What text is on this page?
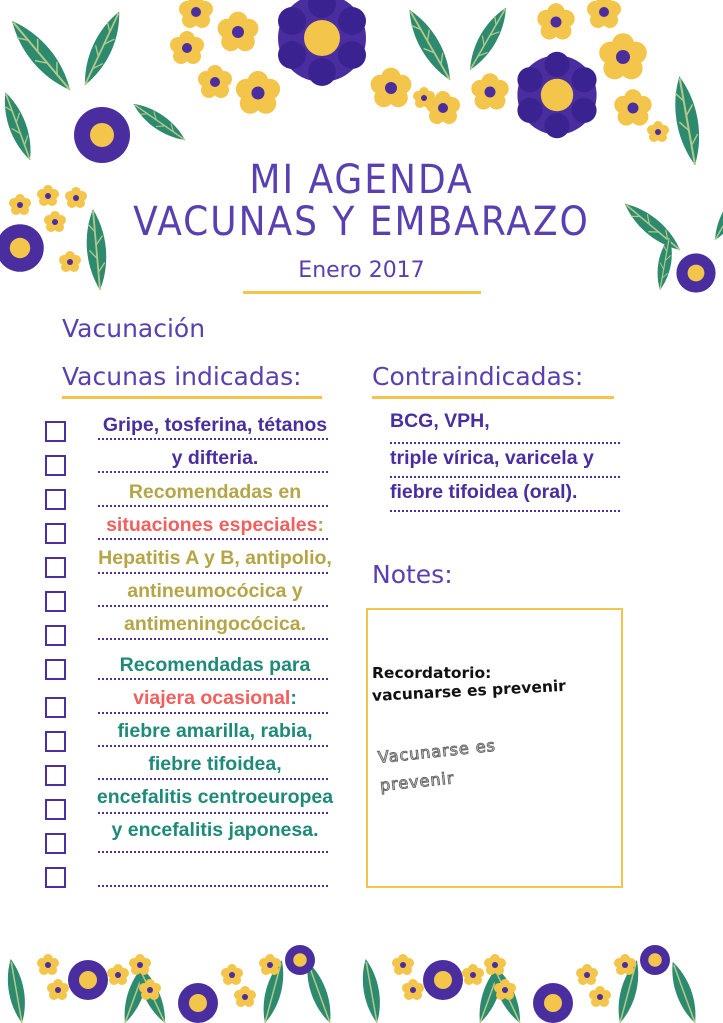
MI AGENDA
VACUNAS Y EMBARAZO
Enero 2017
Vacunación
Vacunas indicadas:	Contraindicadas:
Gripe, tosferina, tétanos
y difteria.
Recomendadas en
situaciones especiales:
Hepatitis A y B, antipolio,
antineumocócica y
antimeningocócica.
Recomendadas para
viajera ocasional:
fiebre amarilla, rabia,
fiebre tifoidea,
encefalitis centroeuropea
y encefalitis japonesa.
BCG, VPH,
triple vírica, varicela y
fiebre tifoidea (oral).
Notes:
Recordatorio:
vacunarse es prevenir
Vacunarse es
prevenir
